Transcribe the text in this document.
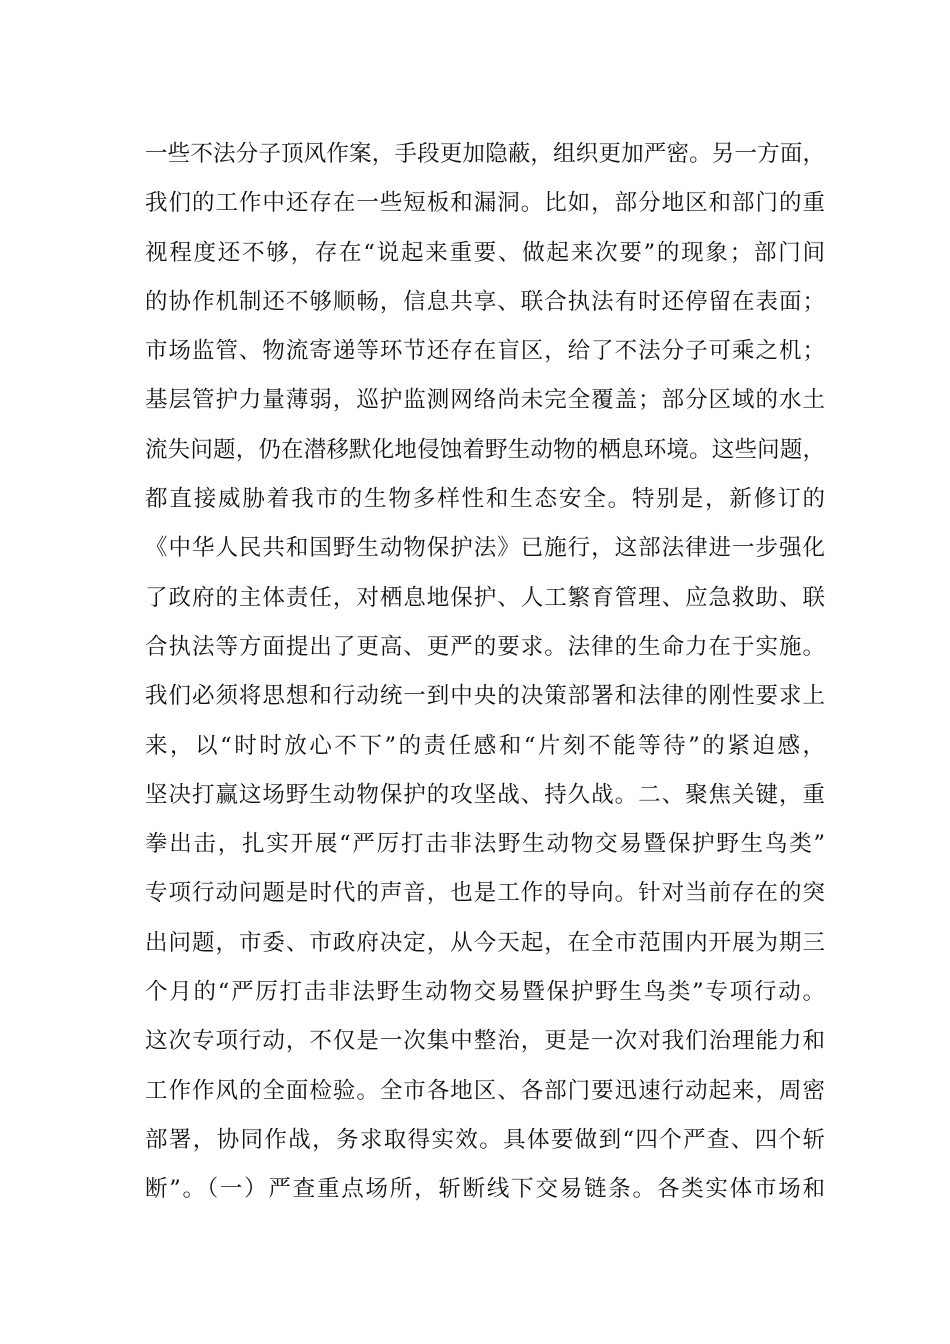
一些不法分子顶风作案，手段更加隐蔽，组织更加严密。另一方面，
我们的工作中还存在一些短板和漏洞。比如，部分地区和部门的重
视程度还不够，存在“说起来重要、做起来次要”的现象；部门间
的协作机制还不够顺畅，信息共享、联合执法有时还停留在表面；
市场监管、物流寄递等环节还存在盲区，给了不法分子可乘之机；
基层管护力量薄弱，巡护监测网络尚未完全覆盖；部分区域的水土
流失问题，仍在潜移默化地侵蚀着野生动物的栖息环境。这些问题，
都直接威胁着我市的生物多样性和生态安全。特别是，新修订的
《中华人民共和国野生动物保护法》已施行，这部法律进一步强化
了政府的主体责任，对栖息地保护、人工繁育管理、应急救助、联
合执法等方面提出了更高、更严的要求。法律的生命力在于实施。
我们必须将思想和行动统一到中央的决策部署和法律的刚性要求上
来，以“时时放心不下”的责任感和“片刻不能等待”的紧迫感，
坚决打赢这场野生动物保护的攻坚战、持久战。二、聚焦关键，重
拳出击，扎实开展“严厉打击非法野生动物交易暨保护野生鸟类”
专项行动问题是时代的声音，也是工作的导向。针对当前存在的突
出问题，市委、市政府决定，从今天起，在全市范围内开展为期三
个月的“严厉打击非法野生动物交易暨保护野生鸟类”专项行动。
这次专项行动，不仅是一次集中整治，更是一次对我们治理能力和
工作作风的全面检验。全市各地区、各部门要迅速行动起来，周密
部署，协同作战，务求取得实效。具体要做到“四个严查、四个斩
断”。（一）严查重点场所，斩断线下交易链条。各类实体市场和
